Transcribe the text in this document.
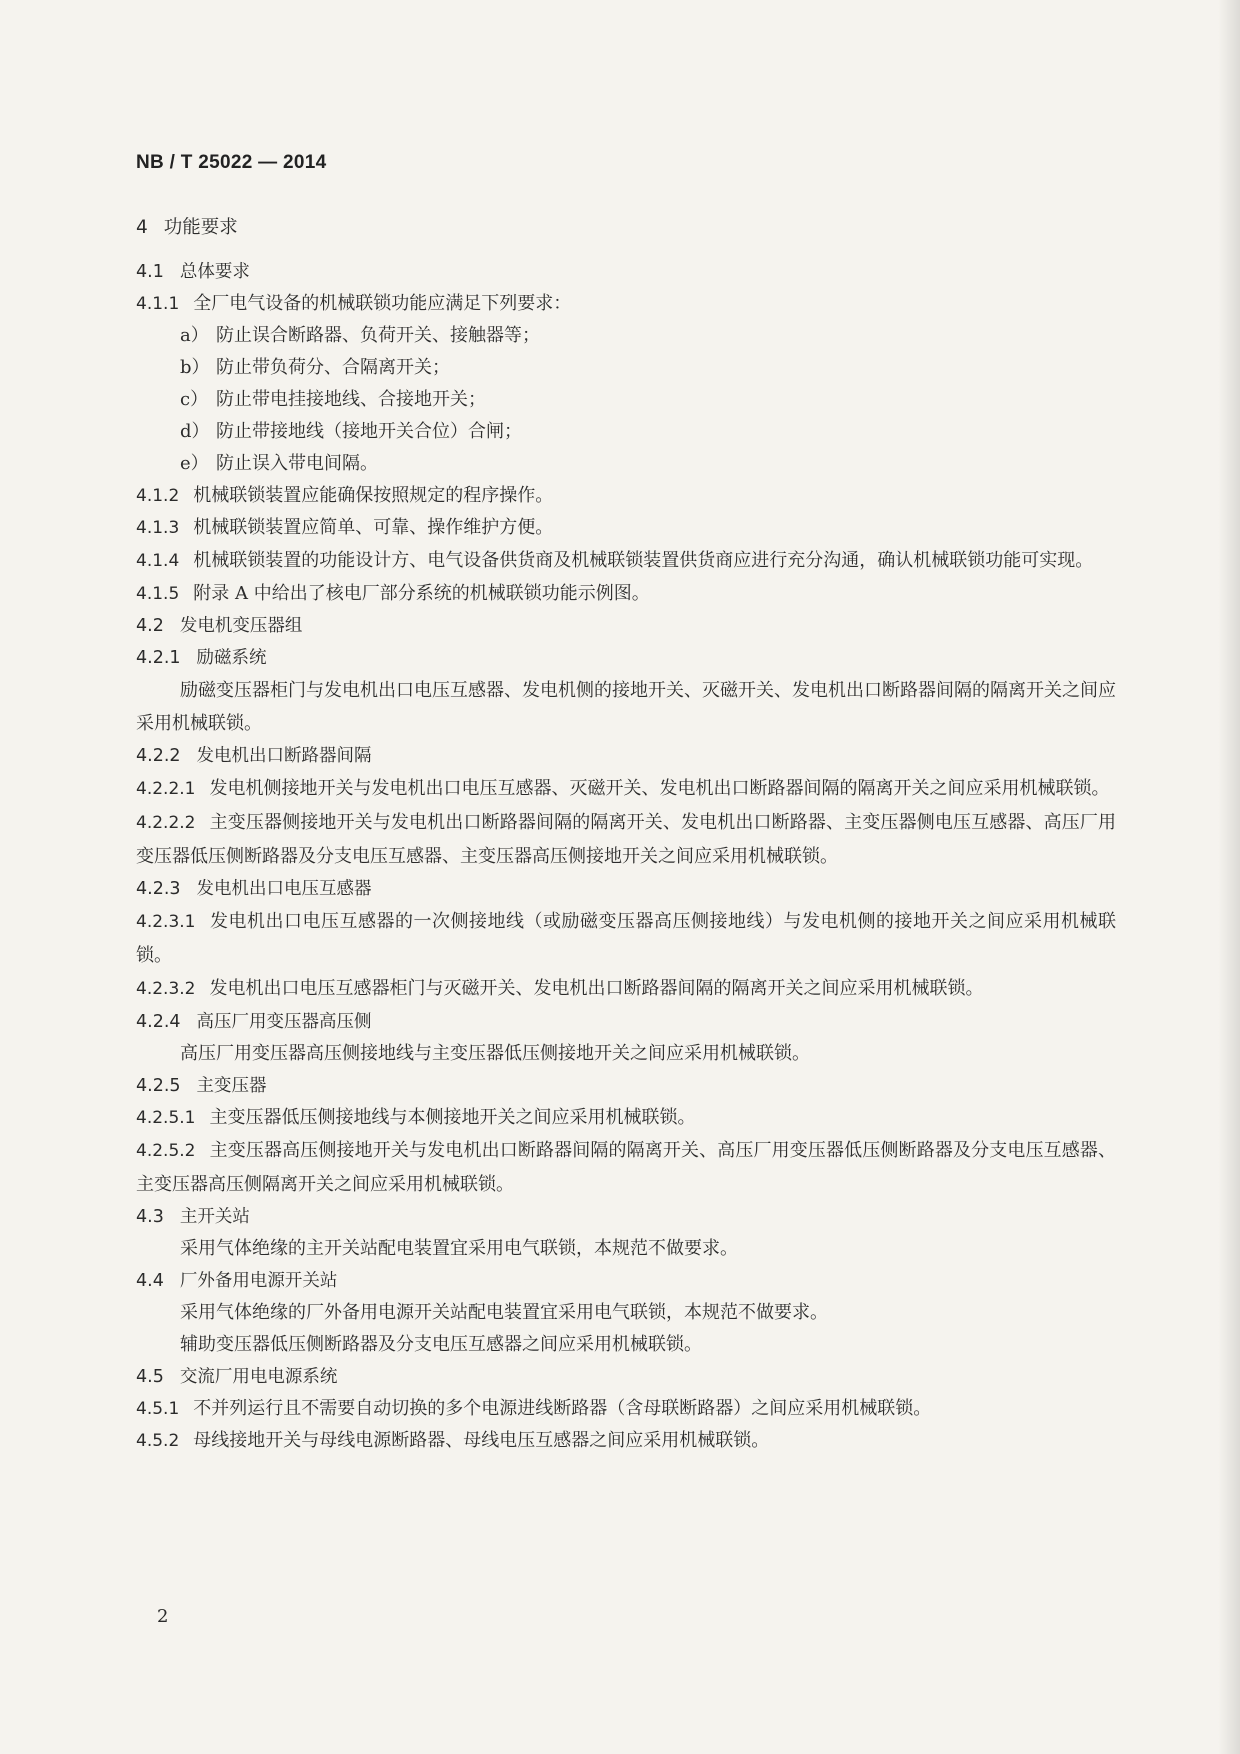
NB / T 25022 — 2014
4 功能要求
4.1 总体要求
4.1.1 全厂电气设备的机械联锁功能应满足下列要求：
a） 防止误合断路器、负荷开关、接触器等；
b） 防止带负荷分、合隔离开关；
c） 防止带电挂接地线、合接地开关；
d） 防止带接地线（接地开关合位）合闸；
e） 防止误入带电间隔。
4.1.2 机械联锁装置应能确保按照规定的程序操作。
4.1.3 机械联锁装置应简单、可靠、操作维护方便。
4.1.4 机械联锁装置的功能设计方、电气设备供货商及机械联锁装置供货商应进行充分沟通，确认机械联锁功能可实现。
4.1.5 附录 A 中给出了核电厂部分系统的机械联锁功能示例图。
4.2 发电机变压器组
4.2.1 励磁系统
励磁变压器柜门与发电机出口电压互感器、发电机侧的接地开关、灭磁开关、发电机出口断路器间隔的隔离开关之间应采用机械联锁。
4.2.2 发电机出口断路器间隔
4.2.2.1 发电机侧接地开关与发电机出口电压互感器、灭磁开关、发电机出口断路器间隔的隔离开关之间应采用机械联锁。
4.2.2.2 主变压器侧接地开关与发电机出口断路器间隔的隔离开关、发电机出口断路器、主变压器侧电压互感器、高压厂用变压器低压侧断路器及分支电压互感器、主变压器高压侧接地开关之间应采用机械联锁。
4.2.3 发电机出口电压互感器
4.2.3.1 发电机出口电压互感器的一次侧接地线（或励磁变压器高压侧接地线）与发电机侧的接地开关之间应采用机械联锁。
4.2.3.2 发电机出口电压互感器柜门与灭磁开关、发电机出口断路器间隔的隔离开关之间应采用机械联锁。
4.2.4 高压厂用变压器高压侧
高压厂用变压器高压侧接地线与主变压器低压侧接地开关之间应采用机械联锁。
4.2.5 主变压器
4.2.5.1 主变压器低压侧接地线与本侧接地开关之间应采用机械联锁。
4.2.5.2 主变压器高压侧接地开关与发电机出口断路器间隔的隔离开关、高压厂用变压器低压侧断路器及分支电压互感器、主变压器高压侧隔离开关之间应采用机械联锁。
4.3 主开关站
采用气体绝缘的主开关站配电装置宜采用电气联锁，本规范不做要求。
4.4 厂外备用电源开关站
采用气体绝缘的厂外备用电源开关站配电装置宜采用电气联锁，本规范不做要求。
辅助变压器低压侧断路器及分支电压互感器之间应采用机械联锁。
4.5 交流厂用电电源系统
4.5.1 不并列运行且不需要自动切换的多个电源进线断路器（含母联断路器）之间应采用机械联锁。
4.5.2 母线接地开关与母线电源断路器、母线电压互感器之间应采用机械联锁。
2
